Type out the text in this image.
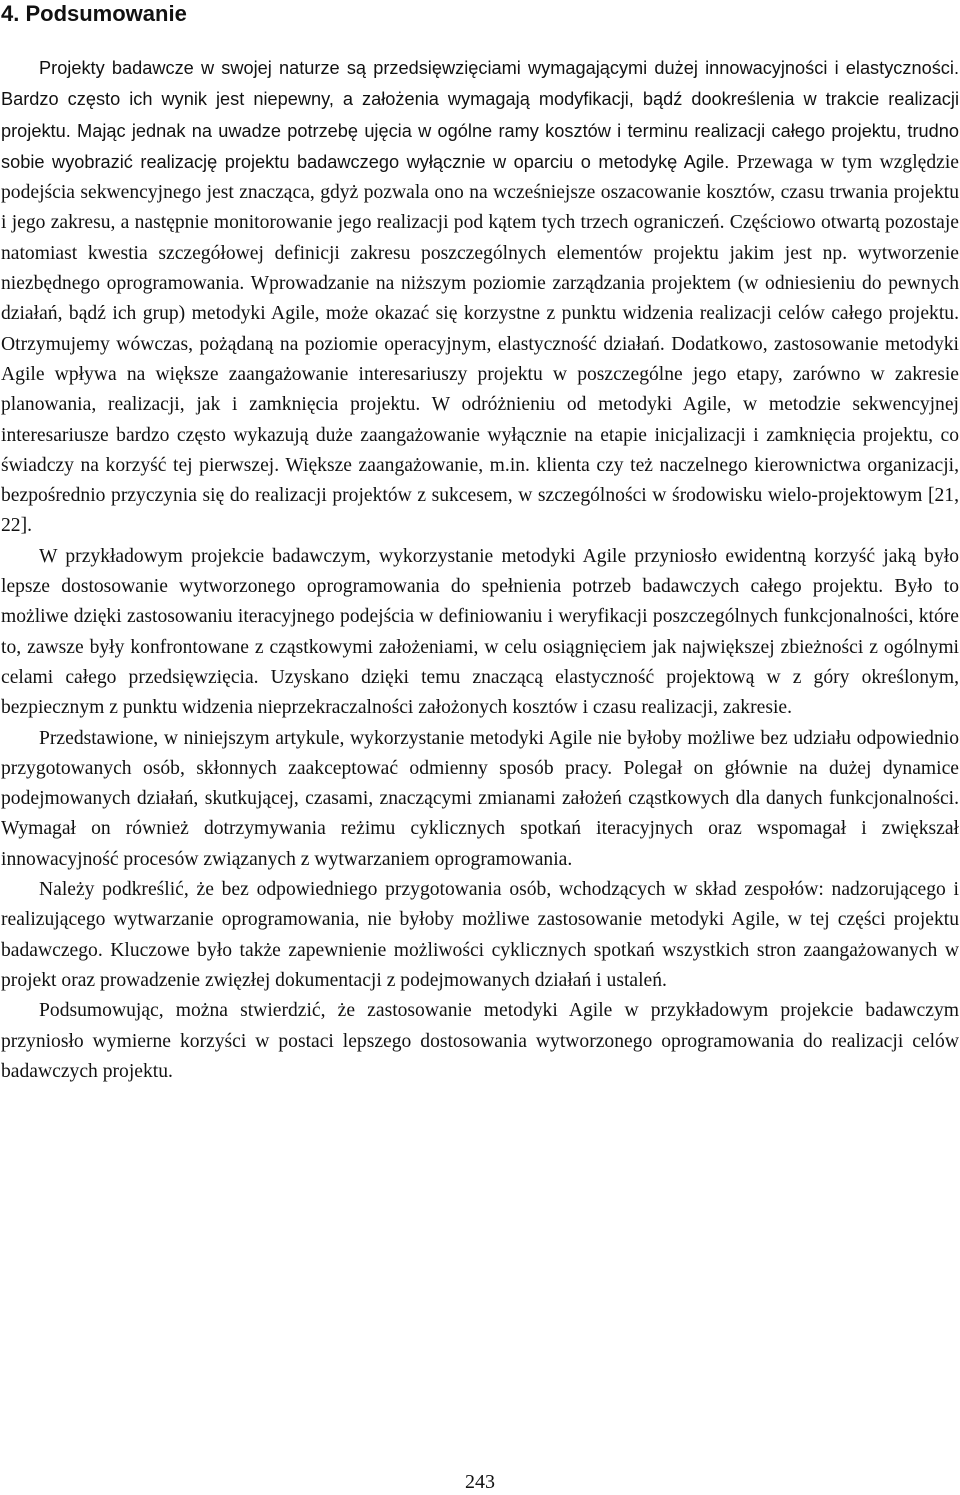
4. Podsumowanie

Projekty badawcze w swojej naturze są przedsięwzięciami wymagającymi dużej innowacyjności i elastyczności. Bardzo często ich wynik jest niepewny, a założenia wymagają modyfikacji, bądź dookreślenia w trakcie realizacji projektu. Mając jednak na uwadze potrzebę ujęcia w ogólne ramy kosztów i terminu realizacji całego projektu, trudno sobie wyobrazić realizację projektu badawczego wyłącznie w oparciu o metodykę Agile. Przewaga w tym względzie podejścia sekwencyjnego jest znacząca, gdyż pozwala ono na wcześniejsze oszacowanie kosztów, czasu trwania projektu i jego zakresu, a następnie monitorowanie jego realizacji pod kątem tych trzech ograniczeń. Częściowo otwartą pozostaje natomiast kwestia szczegółowej definicji zakresu poszczególnych elementów projektu jakim jest np. wytworzenie niezbędnego oprogramowania. Wprowadzanie na niższym poziomie zarządzania projektem (w odniesieniu do pewnych działań, bądź ich grup) metodyki Agile, może okazać się korzystne z punktu widzenia realizacji celów całego projektu. Otrzymujemy wówczas, pożądaną na poziomie operacyjnym, elastyczność działań. Dodatkowo, zastosowanie metodyki Agile wpływa na większe zaangażowanie interesariuszy projektu w poszczególne jego etapy, zarówno w zakresie planowania, realizacji, jak i zamknięcia projektu. W odróżnieniu od metodyki Agile, w metodzie sekwencyjnej interesariusze bardzo często wykazują duże zaangażowanie wyłącznie na etapie inicjalizacji i zamknięcia projektu, co świadczy na korzyść tej pierwszej. Większe zaangażowanie, m.in. klienta czy też naczelnego kierownictwa organizacji, bezpośrednio przyczynia się do realizacji projektów z sukcesem, w szczególności w środowisku wielo-projektowym [21, 22].

W przykładowym projekcie badawczym, wykorzystanie metodyki Agile przyniosło ewidentną korzyść jaką było lepsze dostosowanie wytworzonego oprogramowania do spełnienia potrzeb badawczych całego projektu. Było to możliwe dzięki zastosowaniu iteracyjnego podejścia w definiowaniu i weryfikacji poszczególnych funkcjonalności, które to, zawsze były konfrontowane z cząstkowymi założeniami, w celu osiągnięciem jak największej zbieżności z ogólnymi celami całego przedsięwzięcia. Uzyskano dzięki temu znaczącą elastyczność projektową w z góry określonym, bezpiecznym z punktu widzenia nieprzekraczalności założonych kosztów i czasu realizacji, zakresie.

Przedstawione, w niniejszym artykule, wykorzystanie metodyki Agile nie byłoby możliwe bez udziału odpowiednio przygotowanych osób, skłonnych zaakceptować odmienny sposób pracy. Polegał on głównie na dużej dynamice podejmowanych działań, skutkującej, czasami, znaczącymi zmianami założeń cząstkowych dla danych funkcjonalności. Wymagał on również dotrzymywania reżimu cyklicznych spotkań iteracyjnych oraz wspomagał i zwiększał innowacyjność procesów związanych z wytwarzaniem oprogramowania.

Należy podkreślić, że bez odpowiedniego przygotowania osób, wchodzących w skład zespołów: nadzorującego i realizującego wytwarzanie oprogramowania, nie byłoby możliwe zastosowanie metodyki Agile, w tej części projektu badawczego. Kluczowe było także zapewnienie możliwości cyklicznych spotkań wszystkich stron zaangażowanych w projekt oraz prowadzenie zwięzłej dokumentacji z podejmowanych działań i ustaleń.

Podsumowując, można stwierdzić, że zastosowanie metodyki Agile w przykładowym projekcie badawczym przyniosło wymierne korzyści w postaci lepszego dostosowania wytworzonego oprogramowania do realizacji celów badawczych projektu.

243
